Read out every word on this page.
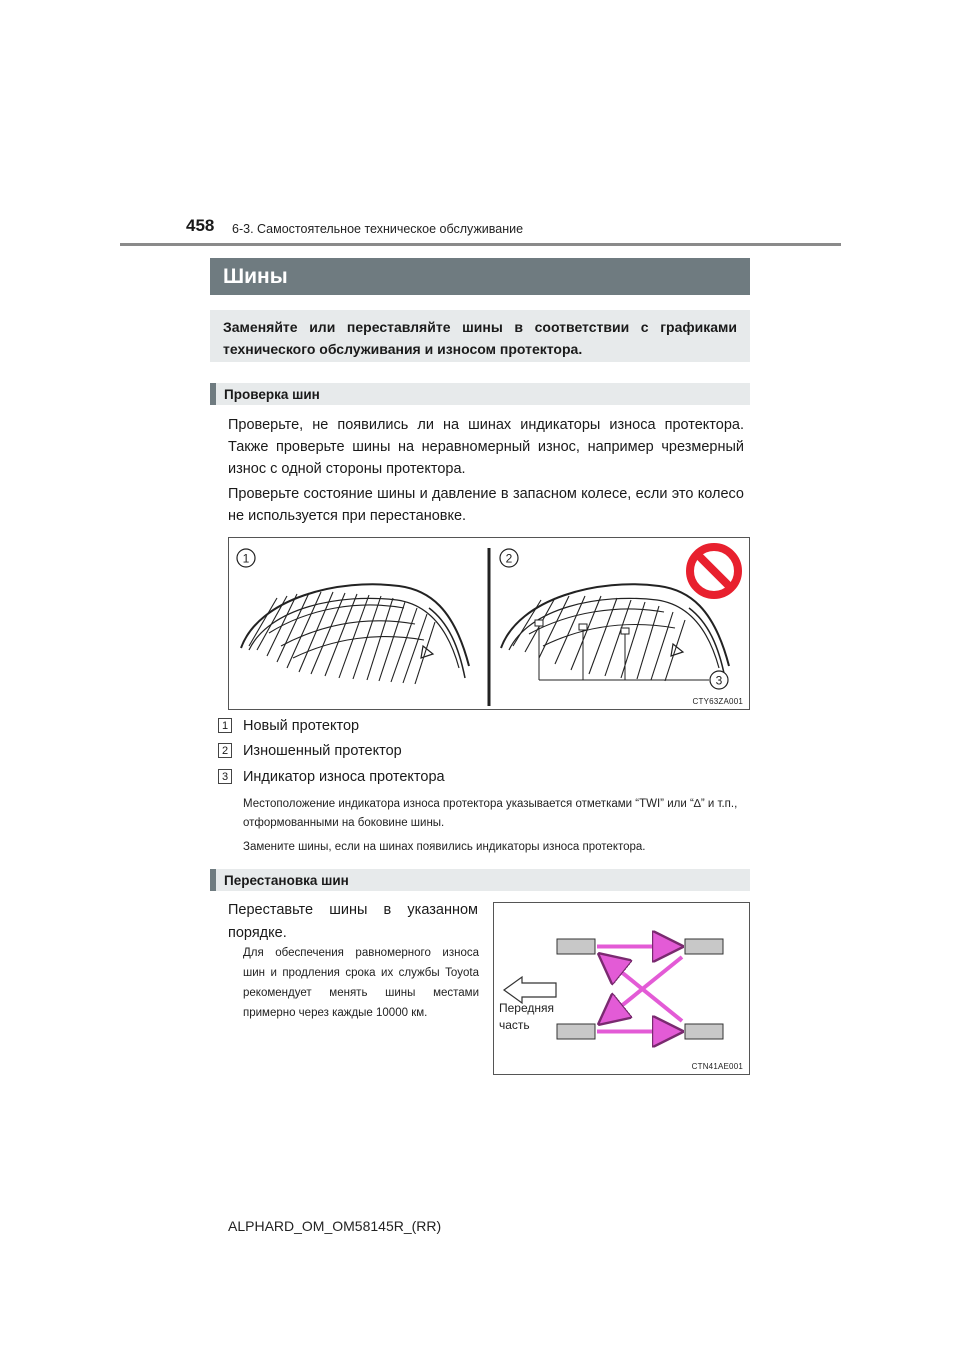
458 6-3. Самостоятельное техническое обслуживание
Шины
Заменяйте или переставляйте шины в соответствии с графиками технического обслуживания и износом протектора.
Проверка шин
Проверьте, не появились ли на шинах индикаторы износа протектора. Также проверьте шины на неравномерный износ, например чрезмерный износ с одной стороны протектора.
Проверьте состояние шины и давление в запасном колесе, если это колесо не используется при перестановке.
1	2
3
CTY63ZA001
1 Новый протектор
2 Изношенный протектор
3 Индикатор износа протектора
Местоположение индикатора износа протектора указывается отметками “TWI” или “∆” и т.п., отформованными на боковине шины.
Замените шины, если на шинах появились индикаторы износа протектора.
Перестановка шин
Переставьте шины в указанном порядке.
Для обеспечения равномерного износа шин и продления срока их службы Toyota рекомендует менять шины местами примерно через каждые 10000 км.	Передняя
часть
CTN41AE001
ALPHARD_OM_OM58145R_(RR)
